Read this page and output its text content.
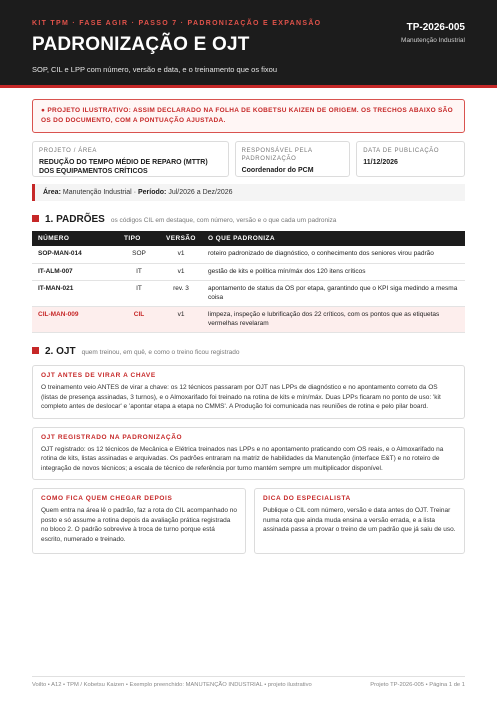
KIT TPM · FASE AGIR · PASSO 7 · PADRONIZAÇÃO E EXPANSÃO
PADRONIZAÇÃO E OJT
SOP, CIL e LPP com número, versão e data, e o treinamento que os fixou
TP-2026-005
Manutenção Industrial
● PROJETO ILUSTRATIVO: ASSIM DECLARADO NA FOLHA DE KOBETSU KAIZEN DE ORIGEM. OS TRECHOS ABAIXO SÃO OS DO DOCUMENTO, COM A PONTUAÇÃO AJUSTADA.
PROJETO / ÁREA
REDUÇÃO DO TEMPO MÉDIO DE REPARO (MTTR) DOS EQUIPAMENTOS CRÍTICOS
RESPONSÁVEL PELA PADRONIZAÇÃO
Coordenador do PCM
DATA DE PUBLICAÇÃO
11/12/2026
Área: Manutenção Industrial · Período: Jul/2026 a Dez/2026
1. PADRÕES os códigos CIL em destaque, com número, versão e o que cada um padroniza
NÚMERO	TIPO	VERSÃO	O QUE PADRONIZA
SOP-MAN-014	SOP	v1	roteiro padronizado de diagnóstico, o conhecimento dos seniores virou padrão
IT-ALM-007	IT	v1	gestão de kits e política mín/máx dos 120 itens críticos
IT-MAN-021	IT	rev. 3	apontamento de status da OS por etapa, garantindo que o KPI siga medindo a mesma coisa
CIL-MAN-009	CIL	v1	limpeza, inspeção e lubrificação dos 22 críticos, com os pontos que as etiquetas vermelhas revelaram
2. OJT quem treinou, em quê, e como o treino ficou registrado
OJT ANTES DE VIRAR A CHAVE
O treinamento veio ANTES de virar a chave: os 12 técnicos passaram por OJT nas LPPs de diagnóstico e no apontamento correto da OS (listas de presença assinadas, 3 turnos), e o Almoxarifado foi treinado na rotina de kits e mín/máx. Duas LPPs ficaram no ponto de uso: 'kit completo antes de deslocar' e 'apontar etapa a etapa no CMMS'. A Produção foi comunicada nas reuniões de rotina e pelo pilar board.
OJT REGISTRADO NA PADRONIZAÇÃO
OJT registrado: os 12 técnicos de Mecânica e Elétrica treinados nas LPPs e no apontamento praticando com OS reais, e o Almoxarifado na rotina de kits, listas assinadas e arquivadas. Os padrões entraram na matriz de habilidades da Manutenção (interface E&T) e no roteiro de integração de novos técnicos; a escala de técnico de referência por turno mantém sempre um multiplicador disponível.
COMO FICA QUEM CHEGAR DEPOIS
Quem entra na área lê o padrão, faz a rota do CIL acompanhado no posto e só assume a rotina depois da avaliação prática registrada no bloco 2. O padrão sobrevive à troca de turno porque está escrito, numerado e treinado.
DICA DO ESPECIALISTA
Publique o CIL com número, versão e data antes do OJT. Treinar numa rota que ainda muda ensina a versão errada, e a lista assinada passa a provar o treino de um padrão que já saiu de uso.
Voilto • A12 • TPM / Kobetsu Kaizen • Exemplo preenchido: MANUTENÇÃO INDUSTRIAL • projeto ilustrativo	Projeto TP-2026-005 • Página 1 de 1
